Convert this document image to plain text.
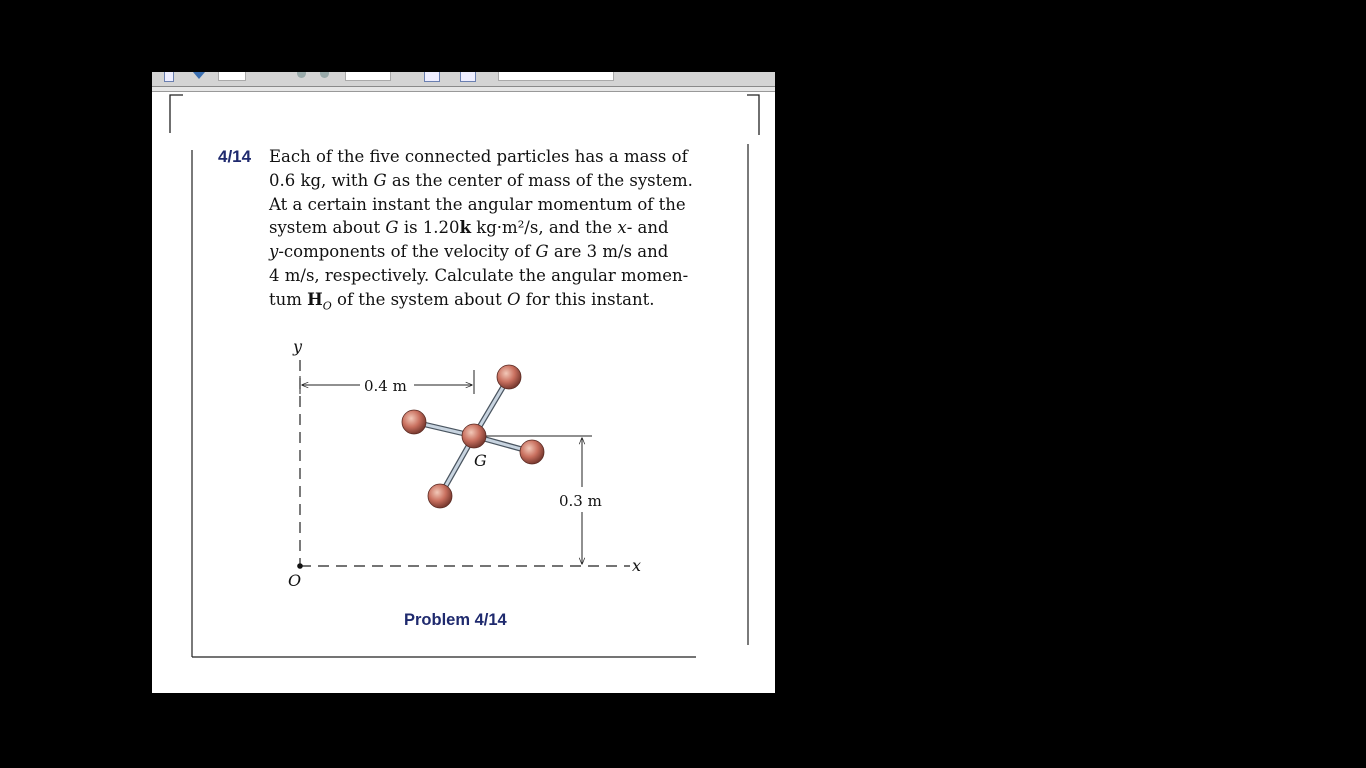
4/14 Each of the five connected particles has a mass of
0.6 kg, with G as the center of mass of the system.
At a certain instant the angular momentum of the
system about G is 1.20k kg·m²/s, and the x- and
y-components of the velocity of G are 3 m/s and
4 m/s, respectively. Calculate the angular momen-
tum $H_O$ of the system about O for this instant.
y
x
O
0.4 m
0.3 m
G
Problem 4/14
